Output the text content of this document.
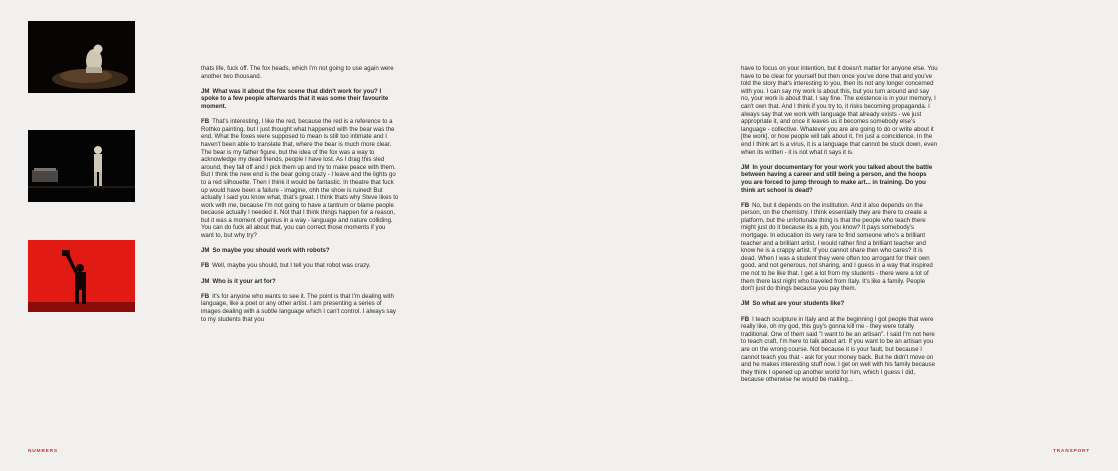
thats life, fuck off. The fox heads, which I'm not going to use again were another two thousand.

JM What was it about the fox scene that didn't work for you? I spoke to a few people afterwards that it was some their favourite moment.

FB That's interesting, I like the red, because the red is a reference to a Rothko painting, but I just thought what happened with the bear was the end. What the foxes were supposed to mean is still too intimate and I haven't been able to translate that, where the bear is much more clear. The bear is my father figure, but the idea of the fox was a way to acknowledge my dead friends, people I have lost. As I drag this sled around, they fall off and I pick them up and try to make peace with them. But I think the new end is the bear going crazy - I leave and the lights go to a red silhouette. Then I think it would be fantastic. In theatre that fuck up would have been a failure - imagine, ohh the show is ruined! But actually I said you know what, that's great. I think thats why Steve likes to work with me, because I'm not going to have a tantrum or blame people because actually I needed it. Not that I think things happen for a reason, but it was a moment of genius in a way - language and nature colliding. You can do fuck all about that, you can correct those moments if you want to, but why try?

JM So maybe you should work with robots?

FB Well, maybe you should, but I tell you that robot was crazy.

JM Who is it your art for?

FB It's for anyone who wants to see it. The point is that I'm dealing with language, like a poet or any other artist. I am presenting a series of images dealing with a subtle language which I can't control. I always say to my students that you

have to focus on your intention, but it doesn't matter for anyone else. You have to be clear for yourself but then once you've done that and you've told the story that's interesting to you, then its not any longer concerned with you. I can say my work is about this, but you turn around and say no, your work is about that. I say fine. The existence is in your memory, I can't own that. And I think if you try to, it risks becoming propaganda. I always say that we work with language that already exists - we just appropriate it, and once it leaves us it becomes somebody else's language - collective. Whatever you are are going to do or write about it [the work], or how people will talk about it, I'm just a coincidence. In the end I think art is a virus, it is a language that cannot be stuck down, even when its written - it is not what it says it is.

JM In your documentary for your work you talked about the battle between having a career and still being a person, and the hoops you are forced to jump through to make art... in training. Do you think art school is dead?

FB No, but it depends on the institution. And it also depends on the person, on the chemistry. I think essentially they are there to create a platform, but the unfortunate thing is that the people who teach there might just do it because its a job, you know? It pays somebody's mortgage. In education its very rare to find someone who's a brilliant teacher and a brilliant artist. I would rather find a brilliant teacher and know he is a crappy artist. If you cannot share then who cares? It is dead. When I was a student they were often too arrogant for their own good, and not generous, not sharing, and I guess in a way that inspired me not to be like that. I get a lot from my students - there were a lot of them there last night who traveled from Italy. It's like a family. People don't just do things because you pay them.

JM So what are your students like?

FB I teach sculpture in Italy and at the beginning I got people that were really like, oh my god, this guy's gonna kill me - they were totally traditional. One of them said "I want to be an artisan". I said I'm not here to teach craft, I'm here to talk about art. If you want to be an artisan you are on the wrong course. Not because it is your fault, but because I cannot teach you that - ask for your money back. But he didn't move on and he makes interesting stuff now. I get on well with his family because they think I opened up another world for him, which I guess I did, because otherwise he would be making...

NUMBERS	TRANSPORT
